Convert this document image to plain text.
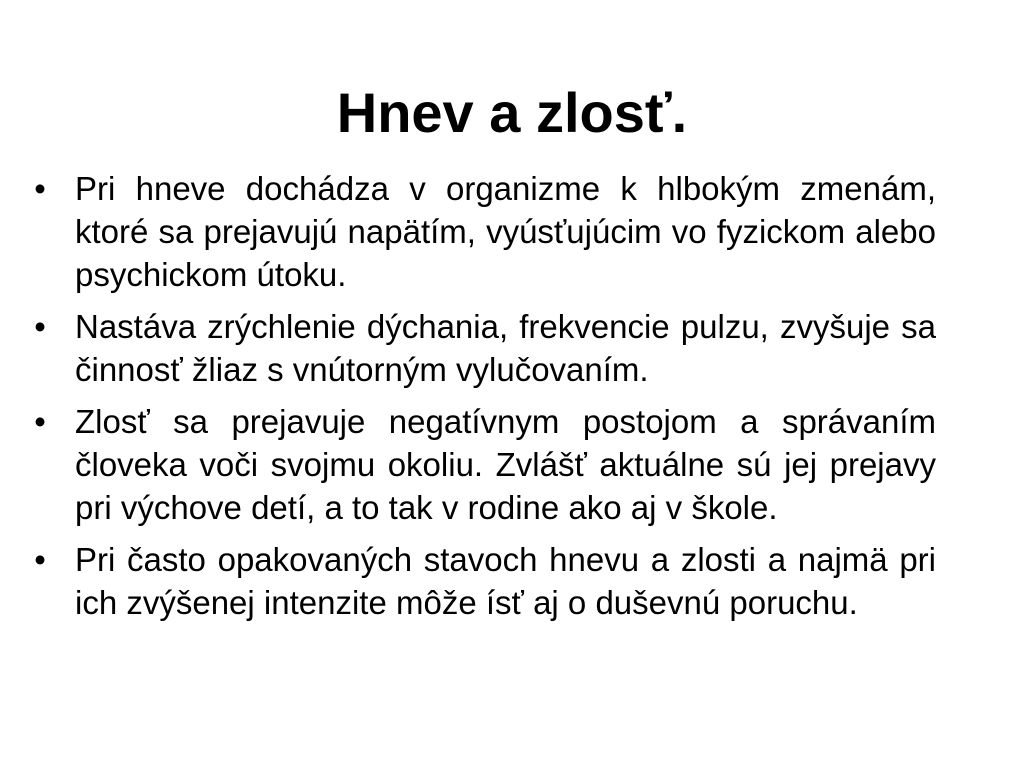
Hnev a zlosť.
• Pri hneve dochádza v organizme k hlbokým zmenám, ktoré sa prejavujú napätím, vyúsťujúcim vo fyzickom alebo psychickom útoku.
• Nastáva zrýchlenie dýchania, frekvencie pulzu, zvyšuje sa činnosť žliaz s vnútorným vylučovaním.
• Zlosť sa prejavuje negatívnym postojom a správaním človeka voči svojmu okoliu. Zvlášť aktuálne sú jej prejavy pri výchove detí, a to tak v rodine ako aj v škole.
• Pri často opakovaných stavoch hnevu a zlosti a najmä pri ich zvýšenej intenzite môže ísť aj o duševnú poruchu.
